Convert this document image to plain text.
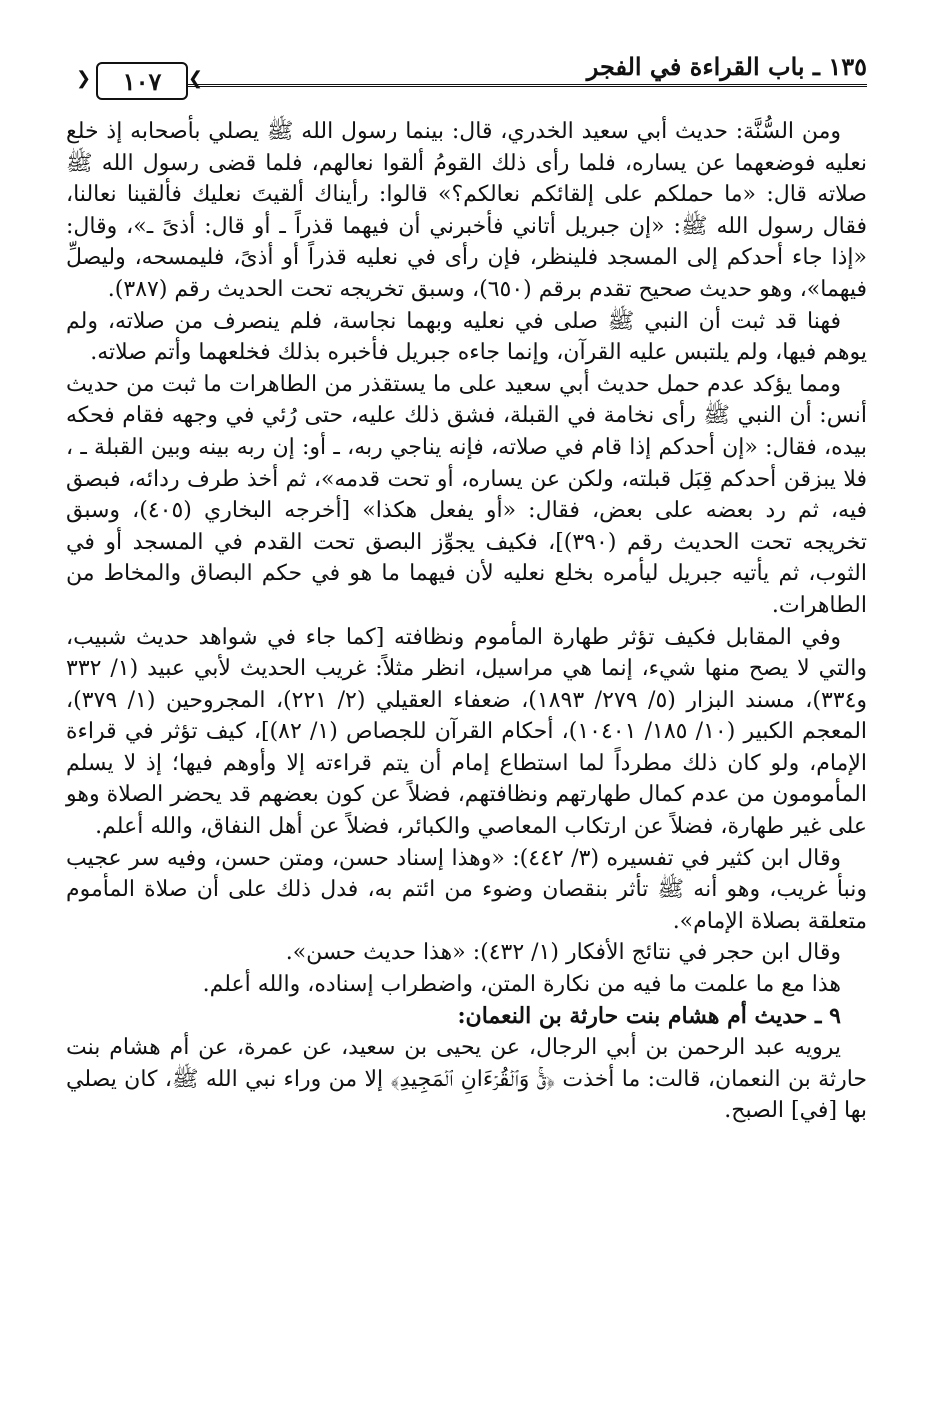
١٣٥ ـ باب القراءة في الفجر
❯
١٠٧
❮

ومن السُّنَّة: حديث أبي سعيد الخدري، قال: بينما رسول الله ﷺ يصلي بأصحابه إذ خلع نعليه فوضعهما عن يساره، فلما رأى ذلك القومُ ألقوا نعالهم، فلما قضى رسول الله ﷺ صلاته قال: «ما حملكم على إلقائكم نعالكم؟» قالوا: رأيناك ألقيتَ نعليك فألقينا نعالنا، فقال رسول الله ﷺ: «إن جبريل أتاني فأخبرني أن فيهما قذراً ـ أو قال: أذىً ـ»، وقال: «إذا جاء أحدكم إلى المسجد فلينظر، فإن رأى في نعليه قذراً أو أذىً، فليمسحه، وليصلِّ فيهما»، وهو حديث صحيح تقدم برقم (٦٥٠)، وسبق تخريجه تحت الحديث رقم (٣٨٧).

فهنا قد ثبت أن النبي ﷺ صلى في نعليه وبهما نجاسة، فلم ينصرف من صلاته، ولم يوهم فيها، ولم يلتبس عليه القرآن، وإنما جاءه جبريل فأخبره بذلك فخلعهما وأتم صلاته.

ومما يؤكد عدم حمل حديث أبي سعيد على ما يستقذر من الطاهرات ما ثبت من حديث أنس: أن النبي ﷺ رأى نخامة في القبلة، فشق ذلك عليه، حتى رُئي في وجهه فقام فحكه بيده، فقال: «إن أحدكم إذا قام في صلاته، فإنه يناجي ربه، ـ أو: إن ربه بينه وبين القبلة ـ ، فلا يبزقن أحدكم قِبَل قبلته، ولكن عن يساره، أو تحت قدمه»، ثم أخذ طرف ردائه، فبصق فيه، ثم رد بعضه على بعض، فقال: «أو يفعل هكذا» [أخرجه البخاري (٤٠٥)، وسبق تخريجه تحت الحديث رقم (٣٩٠)]، فكيف يجوِّز البصق تحت القدم في المسجد أو في الثوب، ثم يأتيه جبريل ليأمره بخلع نعليه لأن فيهما ما هو في حكم البصاق والمخاط من الطاهرات.

وفي المقابل فكيف تؤثر طهارة المأموم ونظافته [كما جاء في شواهد حديث شبيب، والتي لا يصح منها شيء، إنما هي مراسيل، انظر مثلاً: غريب الحديث لأبي عبيد (١/ ٣٣٢ و٣٣٤)، مسند البزار (٥/ ٢٧٩/ ١٨٩٣)، ضعفاء العقيلي (٢/ ٢٢١)، المجروحين (١/ ٣٧٩)، المعجم الكبير (١٠/ ١٨٥/ ١٠٤٠١)، أحكام القرآن للجصاص (١/ ٨٢)]، كيف تؤثر في قراءة الإمام، ولو كان ذلك مطرداً لما استطاع إمام أن يتم قراءته إلا وأوهم فيها؛ إذ لا يسلم المأمومون من عدم كمال طهارتهم ونظافتهم، فضلاً عن كون بعضهم قد يحضر الصلاة وهو على غير طهارة، فضلاً عن ارتكاب المعاصي والكبائر، فضلاً عن أهل النفاق، والله أعلم.

وقال ابن كثير في تفسيره (٣/ ٤٤٢): «وهذا إسناد حسن، ومتن حسن، وفيه سر عجيب ونبأ غريب، وهو أنه ﷺ تأثر بنقصان وضوء من ائتم به، فدل ذلك على أن صلاة المأموم متعلقة بصلاة الإمام».

وقال ابن حجر في نتائج الأفكار (١/ ٤٣٢): «هذا حديث حسن».

هذا مع ما علمت ما فيه من نكارة المتن، واضطراب إسناده، والله أعلم.

٩ ـ حديث أم هشام بنت حارثة بن النعمان:

يرويه عبد الرحمن بن أبي الرجال، عن يحيى بن سعيد، عن عمرة، عن أم هشام بنت حارثة بن النعمان، قالت: ما أخذت ﴿قٓۚ وَٱلۡقُرۡءَانِ ٱلۡمَجِيدِ﴾ إلا من وراء نبي الله ﷺ، كان يصلي بها [في] الصبح.
